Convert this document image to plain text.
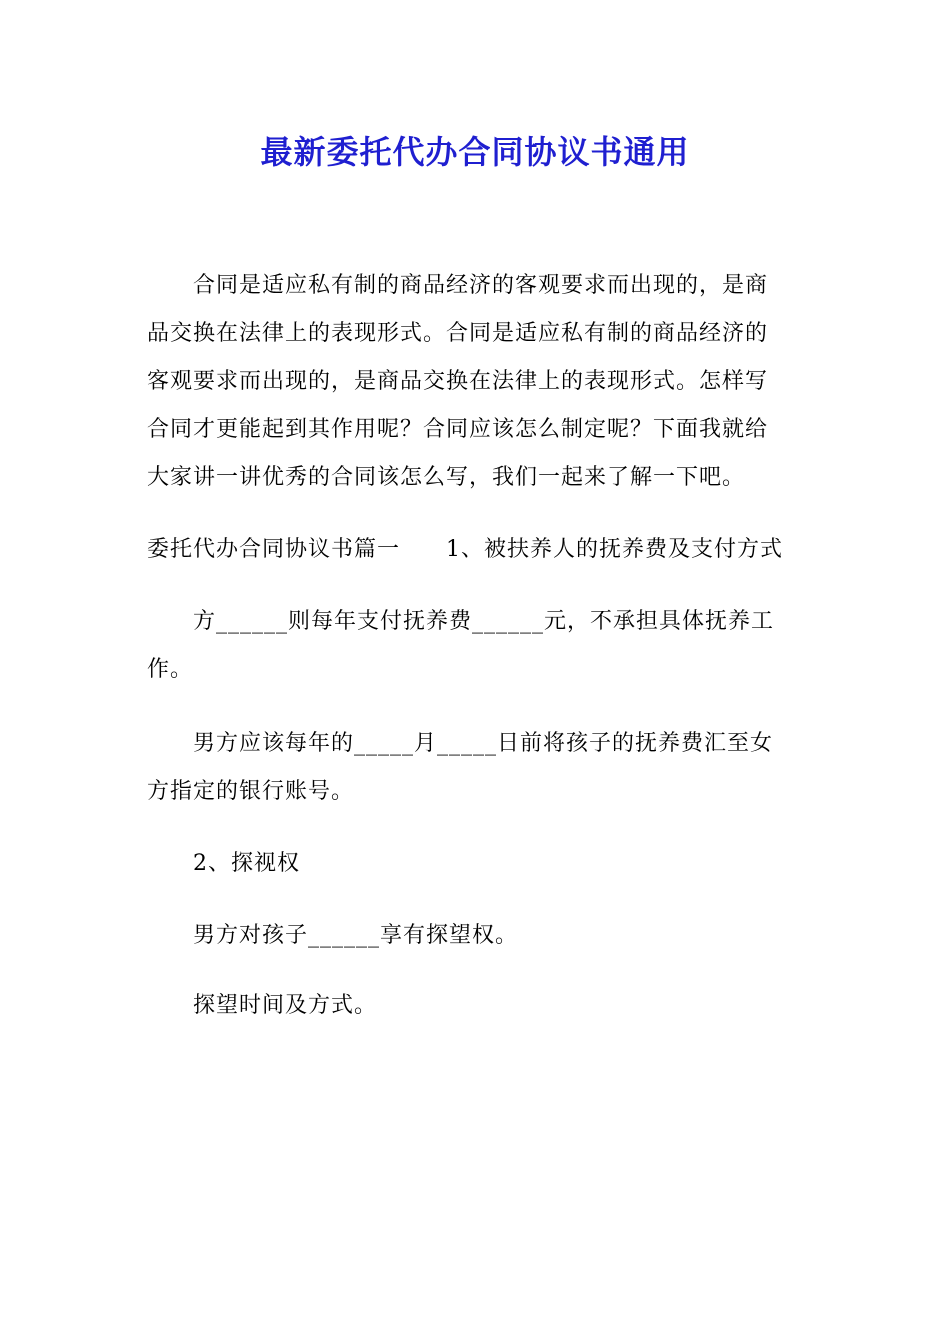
最新委托代办合同协议书通用

合同是适应私有制的商品经济的客观要求而出现的，是商
品交换在法律上的表现形式。合同是适应私有制的商品经济的
客观要求而出现的，是商品交换在法律上的表现形式。怎样写
合同才更能起到其作用呢？合同应该怎么制定呢？下面我就给
大家讲一讲优秀的合同该怎么写，我们一起来了解一下吧。

委托代办合同协议书篇一　　1、被扶养人的抚养费及支付方式

方______则每年支付抚养费______元，不承担具体抚养工
作。

男方应该每年的_____月_____日前将孩子的抚养费汇至女
方指定的银行账号。

2、探视权

男方对孩子______享有探望权。

探望时间及方式。
